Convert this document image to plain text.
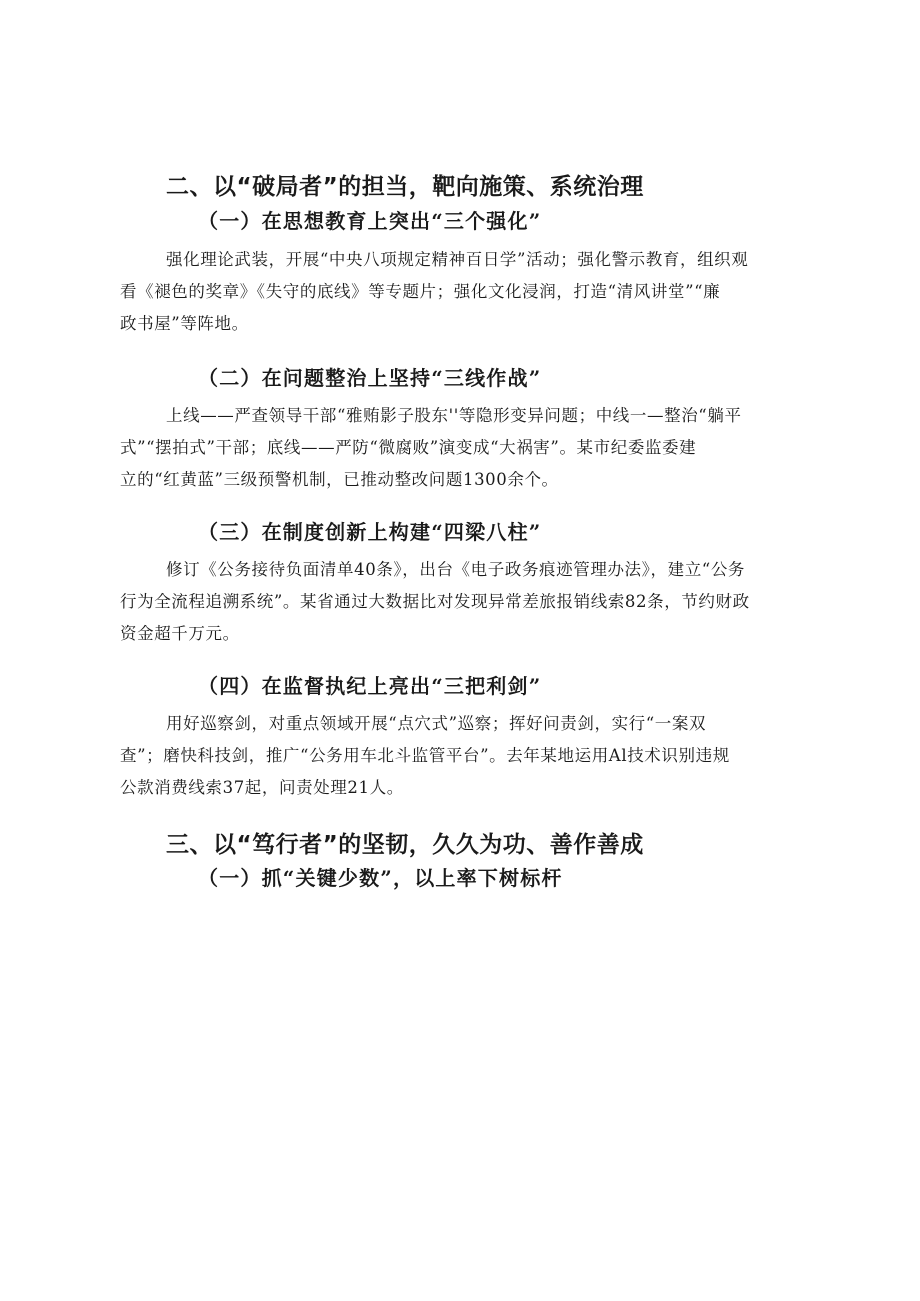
二、以“破局者”的担当，靶向施策、系统治理
（一）在思想教育上突出“三个强化”
强化理论武装，开展“中央八项规定精神百日学”活动；强化警示教育，组织观
看《褪色的奖章》《失守的底线》等专题片；强化文化浸润，打造“清风讲堂”“廉
政书屋”等阵地。
（二）在问题整治上坚持“三线作战”
上线——严查领导干部“雅贿影子股东''等隐形变异问题；中线一—整治“躺平
式”“摆拍式”干部；底线——严防“微腐败”演变成“大祸害”。某市纪委监委建
立的“红黄蓝”三级预警机制，已推动整改问题1300余个。
（三）在制度创新上构建“四梁八柱”
修订《公务接待负面清单40条》，出台《电子政务痕迹管理办法》，建立“公务
行为全流程追溯系统”。某省通过大数据比对发现异常差旅报销线索82条，节约财政
资金超千万元。
（四）在监督执纪上亮出“三把利剑”
用好巡察剑，对重点领域开展“点穴式”巡察；挥好问责剑，实行“一案双
查”；磨快科技剑，推广“公务用车北斗监管平台”。去年某地运用Al技术识别违规
公款消费线索37起，问责处理21人。
三、以“笃行者”的坚韧，久久为功、善作善成
（一）抓“关键少数”，以上率下树标杆
